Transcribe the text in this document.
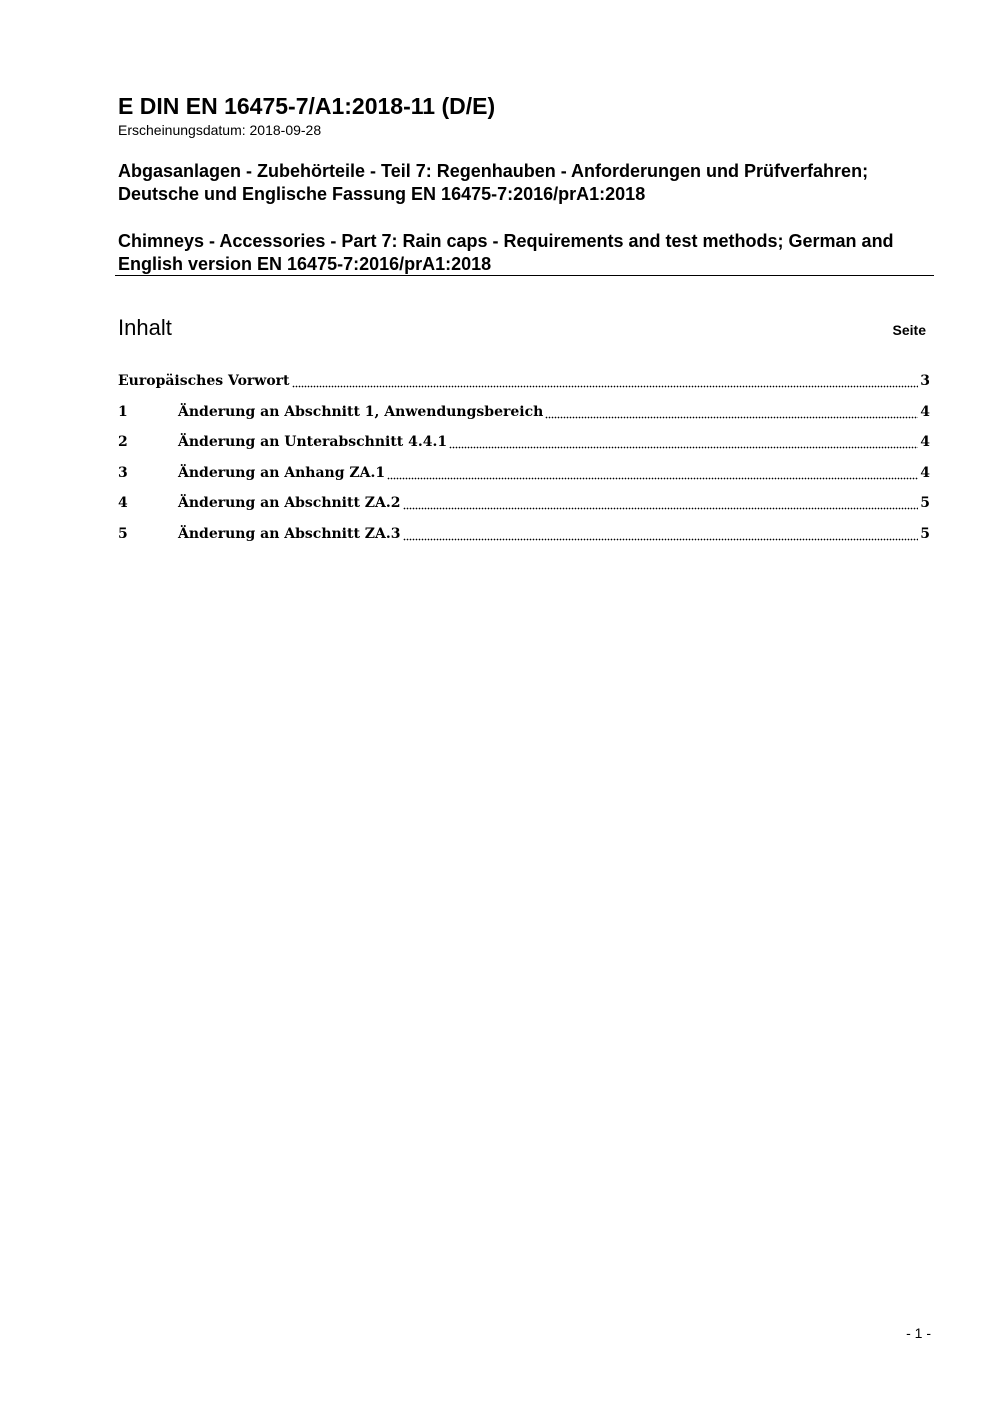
E DIN EN 16475-7/A1:2018-11 (D/E)
Erscheinungsdatum: 2018-09-28
Abgasanlagen - Zubehörteile - Teil 7: Regenhauben - Anforderungen und Prüfverfahren; Deutsche und Englische Fassung EN 16475-7:2016/prA1:2018
Chimneys - Accessories - Part 7: Rain caps - Requirements and test methods; German and English version EN 16475-7:2016/prA1:2018
Inhalt	Seite
Europäisches Vorwort	3
1	Änderung an Abschnitt 1, Anwendungsbereich	4
2	Änderung an Unterabschnitt 4.4.1	4
3	Änderung an Anhang ZA.1	4
4	Änderung an Abschnitt ZA.2	5
5	Änderung an Abschnitt ZA.3	5
- 1 -
